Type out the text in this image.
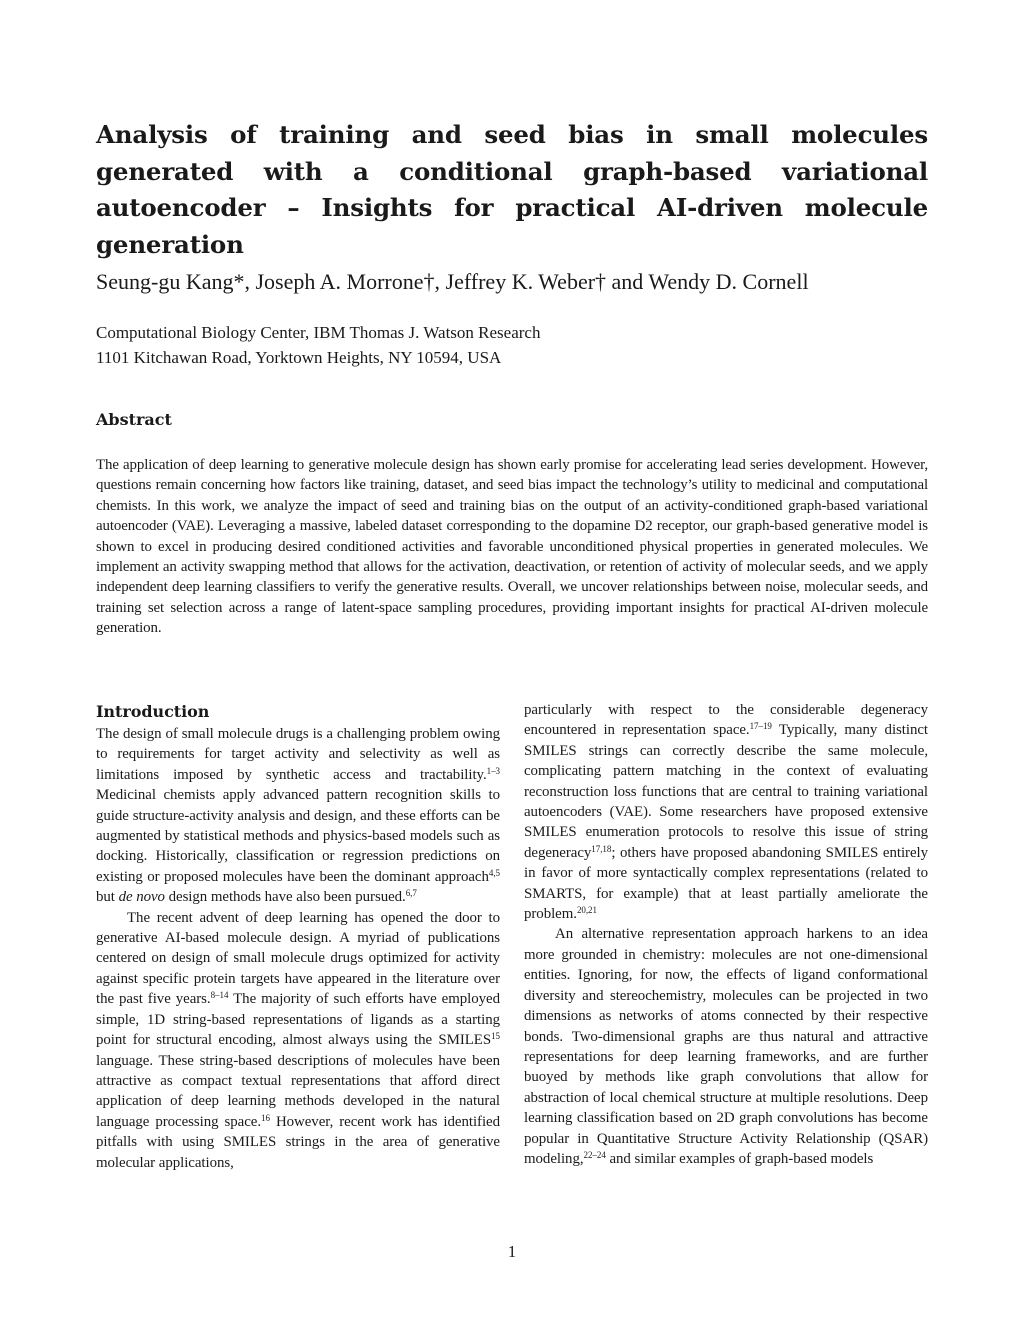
Analysis of training and seed bias in small molecules generated with a conditional graph-based variational autoencoder – Insights for practical AI-driven molecule generation

Seung-gu Kang*, Joseph A. Morrone†, Jeffrey K. Weber† and Wendy D. Cornell

Computational Biology Center, IBM Thomas J. Watson Research
1101 Kitchawan Road, Yorktown Heights, NY 10594, USA
Abstract

The application of deep learning to generative molecule design has shown early promise for accelerating lead series development. However, questions remain concerning how factors like training, dataset, and seed bias impact the technology’s utility to medicinal and computational chemists. In this work, we analyze the impact of seed and training bias on the output of an activity-conditioned graph-based variational autoencoder (VAE). Leveraging a massive, labeled dataset corresponding to the dopamine D2 receptor, our graph-based generative model is shown to excel in producing desired conditioned activities and favorable unconditioned physical properties in generated molecules. We implement an activity swapping method that allows for the activation, deactivation, or retention of activity of molecular seeds, and we apply independent deep learning classifiers to verify the generative results. Overall, we uncover relationships between noise, molecular seeds, and training set selection across a range of latent-space sampling procedures, providing important insights for practical AI-driven molecule generation.

Introduction

The design of small molecule drugs is a challenging problem owing to requirements for target activity and selectivity as well as limitations imposed by synthetic access and tractability.$^{1-3}$ Medicinal chemists apply advanced pattern recognition skills to guide structure-activity analysis and design, and these efforts can be augmented by statistical methods and physics-based models such as docking. Historically, classification or regression predictions on existing or proposed molecules have been the dominant approach$^{4,5}$ but de novo design methods have also been pursued.$^{6,7}$

The recent advent of deep learning has opened the door to generative AI-based molecule design. A myriad of publications centered on design of small molecule drugs optimized for activity against specific protein targets have appeared in the literature over the past five years.$^{8-14}$ The majority of such efforts have employed simple, 1D string-based representations of ligands as a starting point for structural encoding, almost always using the SMILES$^{15}$ language. These string-based descriptions of molecules have been attractive as compact textual representations that afford direct application of deep learning methods developed in the natural language processing space.$^{16}$ However, recent work has identified pitfalls with using SMILES strings in the area of generative molecular applications,

particularly with respect to the considerable degeneracy encountered in representation space.$^{17-19}$ Typically, many distinct SMILES strings can correctly describe the same molecule, complicating pattern matching in the context of evaluating reconstruction loss functions that are central to training variational autoencoders (VAE). Some researchers have proposed extensive SMILES enumeration protocols to resolve this issue of string degeneracy$^{17,18}$; others have proposed abandoning SMILES entirely in favor of more syntactically complex representations (related to SMARTS, for example) that at least partially ameliorate the problem.$^{20,21}$

An alternative representation approach harkens to an idea more grounded in chemistry: molecules are not one-dimensional entities. Ignoring, for now, the effects of ligand conformational diversity and stereochemistry, molecules can be projected in two dimensions as networks of atoms connected by their respective bonds. Two-dimensional graphs are thus natural and attractive representations for deep learning frameworks, and are further buoyed by methods like graph convolutions that allow for abstraction of local chemical structure at multiple resolutions. Deep learning classification based on 2D graph convolutions has become popular in Quantitative Structure Activity Relationship (QSAR) modeling,$^{22-24}$ and similar examples of graph-based models

1
